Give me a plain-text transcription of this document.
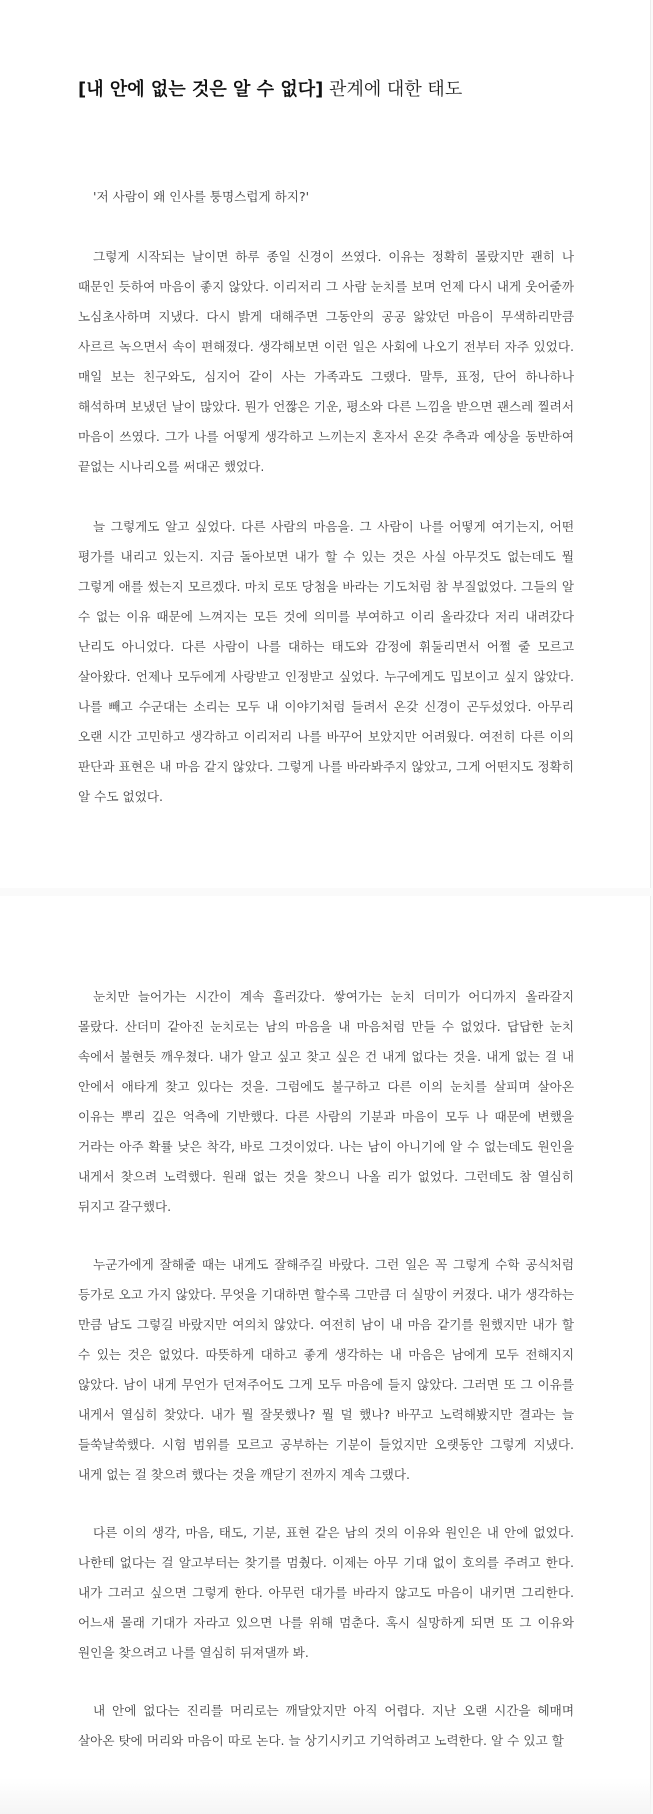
[내 안에 없는 것은 알 수 없다] 관계에 대한 태도

'저 사람이 왜 인사를 퉁명스럽게 하지?'

그렇게 시작되는 날이면 하루 종일 신경이 쓰였다. 이유는 정확히 몰랐지만 괜히 나 때문인 듯하여 마음이 좋지 않았다. 이리저리 그 사람 눈치를 보며 언제 다시 내게 웃어줄까 노심초사하며 지냈다. 다시 밝게 대해주면 그동안의 공공 앓았던 마음이 무색하리만큼 사르르 녹으면서 속이 편해졌다. 생각해보면 이런 일은 사회에 나오기 전부터 자주 있었다. 매일 보는 친구와도, 심지어 같이 사는 가족과도 그랬다. 말투, 표정, 단어 하나하나 해석하며 보냈던 날이 많았다. 뭔가 언짢은 기운, 평소와 다른 느낌을 받으면 괜스레 찔려서 마음이 쓰였다. 그가 나를 어떻게 생각하고 느끼는지 혼자서 온갖 추측과 예상을 동반하여 끝없는 시나리오를 써대곤 했었다.

늘 그렇게도 알고 싶었다. 다른 사람의 마음을. 그 사람이 나를 어떻게 여기는지, 어떤 평가를 내리고 있는지. 지금 돌아보면 내가 할 수 있는 것은 사실 아무것도 없는데도 뭘 그렇게 애를 썼는지 모르겠다. 마치 로또 당첨을 바라는 기도처럼 참 부질없었다. 그들의 알 수 없는 이유 때문에 느껴지는 모든 것에 의미를 부여하고 이리 올라갔다 저리 내려갔다 난리도 아니었다. 다른 사람이 나를 대하는 태도와 감정에 휘둘리면서 어쩔 줄 모르고 살아왔다. 언제나 모두에게 사랑받고 인정받고 싶었다. 누구에게도 밉보이고 싶지 않았다. 나를 빼고 수군대는 소리는 모두 내 이야기처럼 들려서 온갖 신경이 곤두섰었다. 아무리 오랜 시간 고민하고 생각하고 이리저리 나를 바꾸어 보았지만 어려웠다. 여전히 다른 이의 판단과 표현은 내 마음 같지 않았다. 그렇게 나를 바라봐주지 않았고, 그게 어떤지도 정확히 알 수도 없었다.

눈치만 늘어가는 시간이 계속 흘러갔다. 쌓여가는 눈치 더미가 어디까지 올라갈지 몰랐다. 산더미 같아진 눈치로는 남의 마음을 내 마음처럼 만들 수 없었다. 답답한 눈치 속에서 불현듯 깨우쳤다. 내가 알고 싶고 찾고 싶은 건 내게 없다는 것을. 내게 없는 걸 내 안에서 애타게 찾고 있다는 것을. 그럼에도 불구하고 다른 이의 눈치를 살피며 살아온 이유는 뿌리 깊은 억측에 기반했다. 다른 사람의 기분과 마음이 모두 나 때문에 변했을 거라는 아주 확률 낮은 착각, 바로 그것이었다. 나는 남이 아니기에 알 수 없는데도 원인을 내게서 찾으려 노력했다. 원래 없는 것을 찾으니 나올 리가 없었다. 그런데도 참 열심히 뒤지고 갈구했다.

누군가에게 잘해줄 때는 내게도 잘해주길 바랐다. 그런 일은 꼭 그렇게 수학 공식처럼 등가로 오고 가지 않았다. 무엇을 기대하면 할수록 그만큼 더 실망이 커졌다. 내가 생각하는 만큼 남도 그렇길 바랐지만 여의치 않았다. 여전히 남이 내 마음 같기를 원했지만 내가 할 수 있는 것은 없었다. 따뜻하게 대하고 좋게 생각하는 내 마음은 남에게 모두 전해지지 않았다. 남이 내게 무언가 던져주어도 그게 모두 마음에 들지 않았다. 그러면 또 그 이유를 내게서 열심히 찾았다. 내가 뭘 잘못했나? 뭘 덜 했나? 바꾸고 노력해봤지만 결과는 늘 들쑥날쑥했다. 시험 범위를 모르고 공부하는 기분이 들었지만 오랫동안 그렇게 지냈다. 내게 없는 걸 찾으려 했다는 것을 깨닫기 전까지 계속 그랬다.

다른 이의 생각, 마음, 태도, 기분, 표현 같은 남의 것의 이유와 원인은 내 안에 없었다. 나한테 없다는 걸 알고부터는 찾기를 멈췄다. 이제는 아무 기대 없이 호의를 주려고 한다. 내가 그러고 싶으면 그렇게 한다. 아무런 대가를 바라지 않고도 마음이 내키면 그리한다. 어느새 몰래 기대가 자라고 있으면 나를 위해 멈춘다. 혹시 실망하게 되면 또 그 이유와 원인을 찾으려고 나를 열심히 뒤져댈까 봐.

내 안에 없다는 진리를 머리로는 깨달았지만 아직 어렵다. 지난 오랜 시간을 헤매며 살아온 탓에 머리와 마음이 따로 논다. 늘 상기시키고 기억하려고 노력한다. 알 수 있고 할
